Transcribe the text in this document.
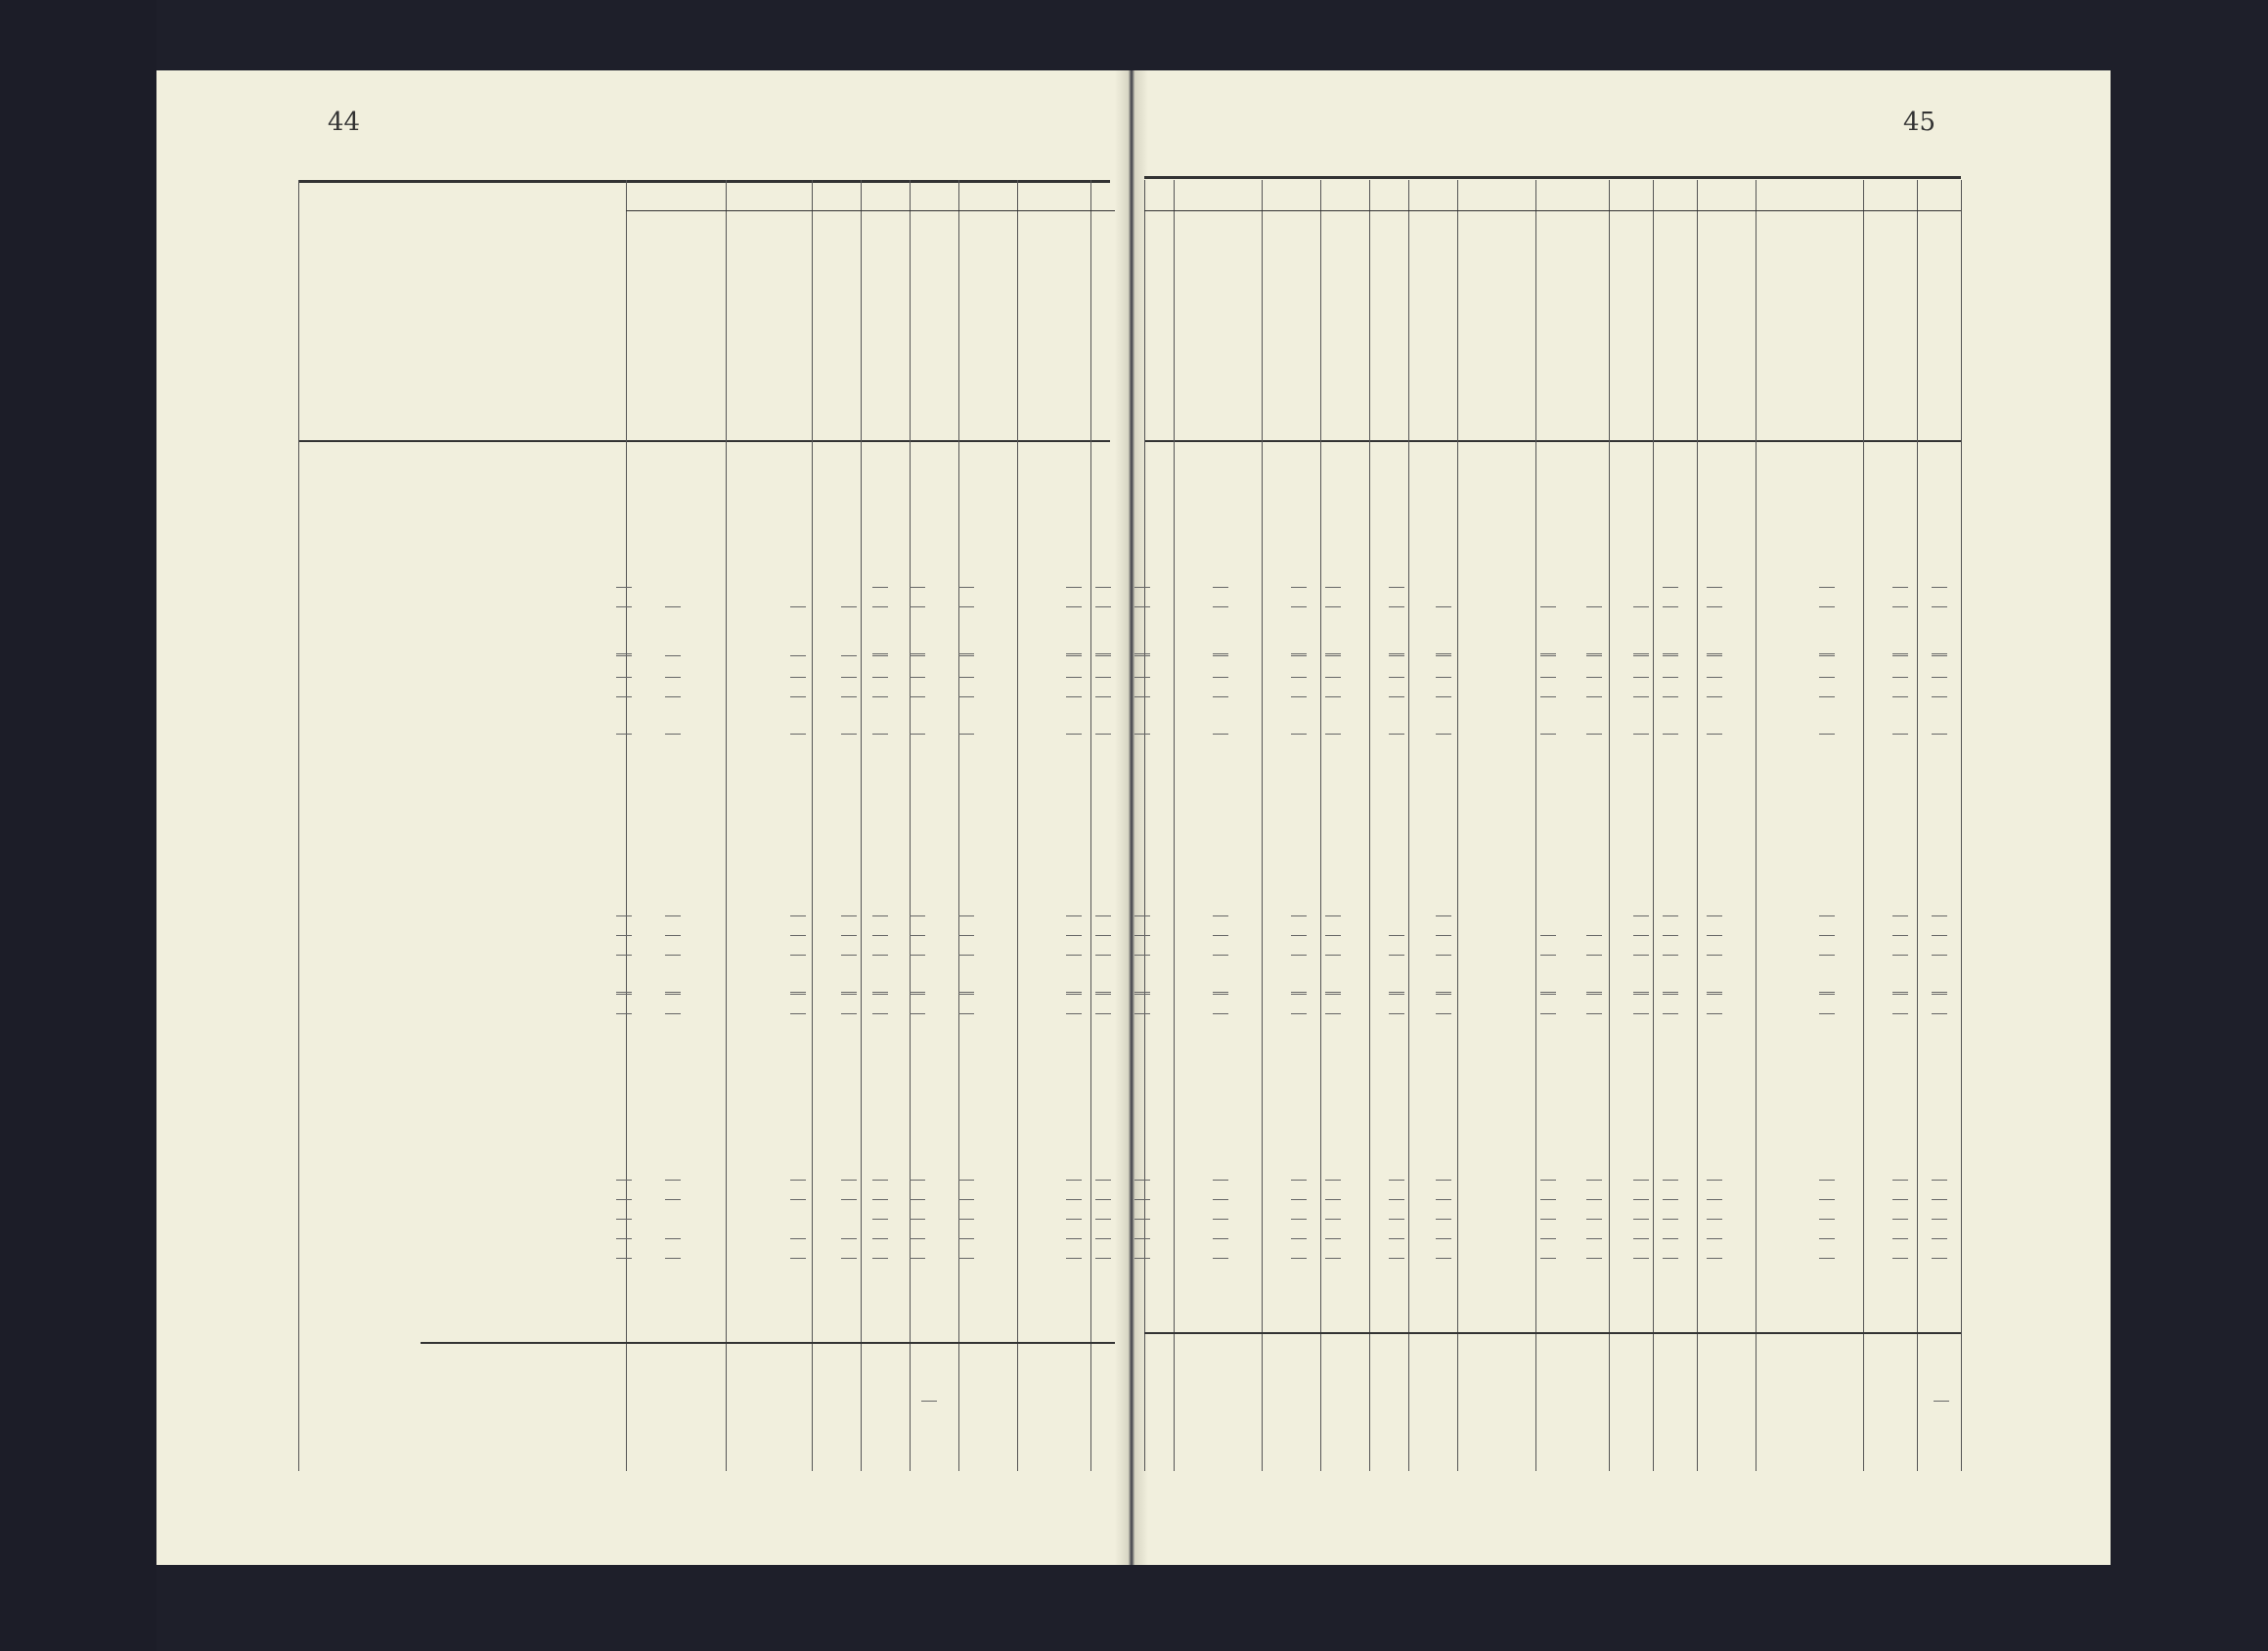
44	45
